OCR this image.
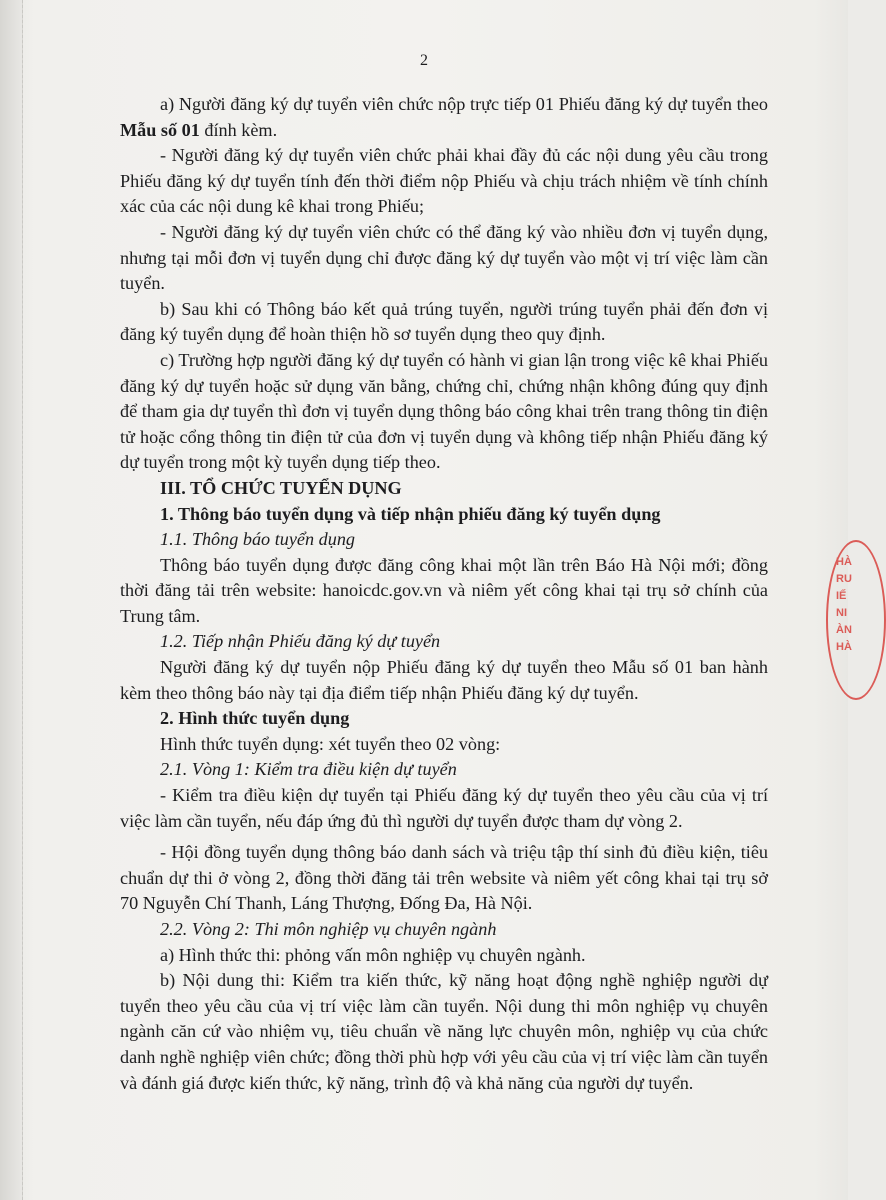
2

a) Người đăng ký dự tuyển viên chức nộp trực tiếp 01 Phiếu đăng ký dự tuyển theo Mẫu số 01 đính kèm.

- Người đăng ký dự tuyển viên chức phải khai đầy đủ các nội dung yêu cầu trong Phiếu đăng ký dự tuyển tính đến thời điểm nộp Phiếu và chịu trách nhiệm về tính chính xác của các nội dung kê khai trong Phiếu;

- Người đăng ký dự tuyển viên chức có thể đăng ký vào nhiều đơn vị tuyển dụng, nhưng tại mỗi đơn vị tuyển dụng chỉ được đăng ký dự tuyển vào một vị trí việc làm cần tuyển.

b) Sau khi có Thông báo kết quả trúng tuyển, người trúng tuyển phải đến đơn vị đăng ký tuyển dụng để hoàn thiện hồ sơ tuyển dụng theo quy định.

c) Trường hợp người đăng ký dự tuyển có hành vi gian lận trong việc kê khai Phiếu đăng ký dự tuyển hoặc sử dụng văn bằng, chứng chỉ, chứng nhận không đúng quy định để tham gia dự tuyển thì đơn vị tuyển dụng thông báo công khai trên trang thông tin điện tử hoặc cổng thông tin điện tử của đơn vị tuyển dụng và không tiếp nhận Phiếu đăng ký dự tuyển trong một kỳ tuyển dụng tiếp theo.

III. TỔ CHỨC TUYỂN DỤNG

1. Thông báo tuyển dụng và tiếp nhận phiếu đăng ký tuyển dụng

1.1. Thông báo tuyển dụng

Thông báo tuyển dụng được đăng công khai một lần trên Báo Hà Nội mới; đồng thời đăng tải trên website: hanoicdc.gov.vn và niêm yết công khai tại trụ sở chính của Trung tâm.

1.2. Tiếp nhận Phiếu đăng ký dự tuyển

Người đăng ký dự tuyển nộp Phiếu đăng ký dự tuyển theo Mẫu số 01 ban hành kèm theo thông báo này tại địa điểm tiếp nhận Phiếu đăng ký dự tuyển.

2. Hình thức tuyển dụng

Hình thức tuyển dụng: xét tuyển theo 02 vòng:

2.1. Vòng 1: Kiểm tra điều kiện dự tuyển

- Kiểm tra điều kiện dự tuyển tại Phiếu đăng ký dự tuyển theo yêu cầu của vị trí việc làm cần tuyển, nếu đáp ứng đủ thì người dự tuyển được tham dự vòng 2.

- Hội đồng tuyển dụng thông báo danh sách và triệu tập thí sinh đủ điều kiện, tiêu chuẩn dự thi ở vòng 2, đồng thời đăng tải trên website và niêm yết công khai tại trụ sở 70 Nguyễn Chí Thanh, Láng Thượng, Đống Đa, Hà Nội.

2.2. Vòng 2: Thi môn nghiệp vụ chuyên ngành

a) Hình thức thi: phỏng vấn môn nghiệp vụ chuyên ngành.

b) Nội dung thi: Kiểm tra kiến thức, kỹ năng hoạt động nghề nghiệp người dự tuyển theo yêu cầu của vị trí việc làm cần tuyển. Nội dung thi môn nghiệp vụ chuyên ngành căn cứ vào nhiệm vụ, tiêu chuẩn về năng lực chuyên môn, nghiệp vụ của chức danh nghề nghiệp viên chức; đồng thời phù hợp với yêu cầu của vị trí việc làm cần tuyển và đánh giá được kiến thức, kỹ năng, trình độ và khả năng của người dự tuyển.

HÀ
RU
IẾ
NI
ÀN
HÀ
